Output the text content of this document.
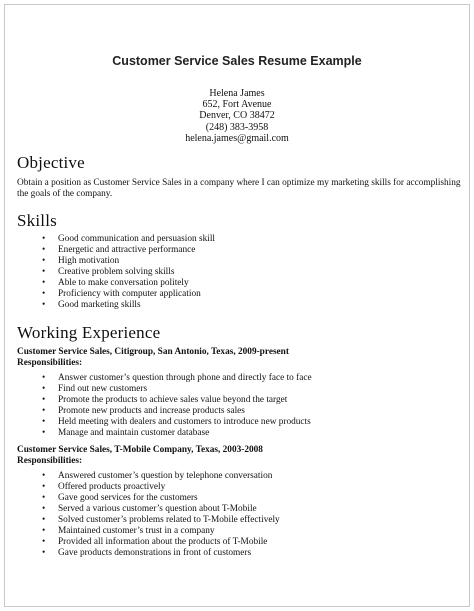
Customer Service Sales Resume Example
Helena James
652, Fort Avenue
Denver, CO 38472
(248) 383-3958
helena.james@gmail.com
Objective

Obtain a position as Customer Service Sales in a company where I can optimize my marketing skills for accomplishing the goals of the company.

Skills
• Good communication and persuasion skill
• Energetic and attractive performance
• High motivation
• Creative problem solving skills
• Able to make conversation politely
• Proficiency with computer application
• Good marketing skills
Working Experience
Customer Service Sales, Citigroup, San Antonio, Texas, 2009-present
Responsibilities:
• Answer customer’s question through phone and directly face to face
• Find out new customers
• Promote the products to achieve sales value beyond the target
• Promote new products and increase products sales
• Held meeting with dealers and customers to introduce new products
• Manage and maintain customer database
Customer Service Sales, T-Mobile Company, Texas, 2003-2008
Responsibilities:
• Answered customer’s question by telephone conversation
• Offered products proactively
• Gave good services for the customers
• Served a various customer’s question about T-Mobile
• Solved customer’s problems related to T-Mobile effectively
• Maintained customer’s trust in a company
• Provided all information about the products of T-Mobile
• Gave products demonstrations in front of customers
